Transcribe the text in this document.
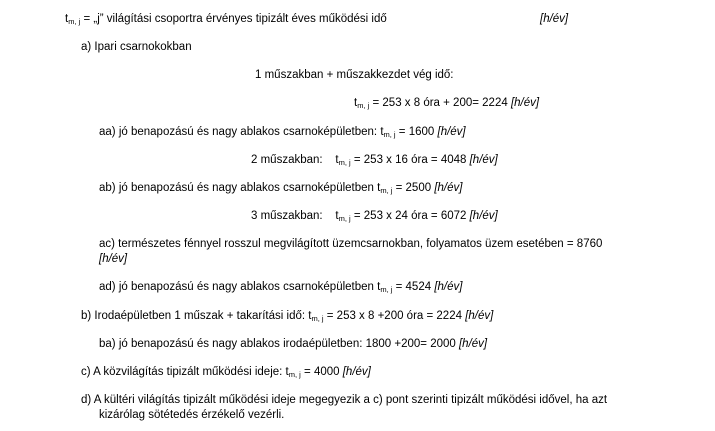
$t_{m, j}$ = „j” világítási csoportra érvényes tipizált éves működési idő	[h/év]
a) Ipari csarnokokban
1 műszakban + műszakkezdet vég idő:
$t_{m, j} = 253$ x 8 óra + 200= 2224 [h/év]
aa) jó benapozású és nagy ablakos csarnoképületben: $t_{m, j} = 1600$ [h/év]
2 műszakban:    $t_{m, j} = 253$ x 16 óra = 4048 [h/év]
ab) jó benapozású és nagy ablakos csarnoképületben $t_{m, j} = 2500$ [h/év]
3 műszakban:    $t_{m, j} = 253$ x 24 óra = 6072 [h/év]
ac) természetes fénnyel rosszul megvilágított üzemcsarnokban, folyamatos üzem esetében = 8760
[h/év]
ad) jó benapozású és nagy ablakos csarnoképületben $t_{m, j} = 4524$ [h/év]
b) Irodaépületben 1 műszak + takarítási idő: $t_{m, j} = 253$ x 8 +200 óra = 2224 [h/év]
ba) jó benapozású és nagy ablakos irodaépületben: 1800 +200= 2000 [h/év]
c) A közvilágítás tipizált működési ideje: $t_{m, j} = 4000$ [h/év]
d) A kültéri világítás tipizált működési ideje megegyezik a c) pont szerinti tipizált működési idővel, ha azt
kizárólag sötétedés érzékelő vezérli.
